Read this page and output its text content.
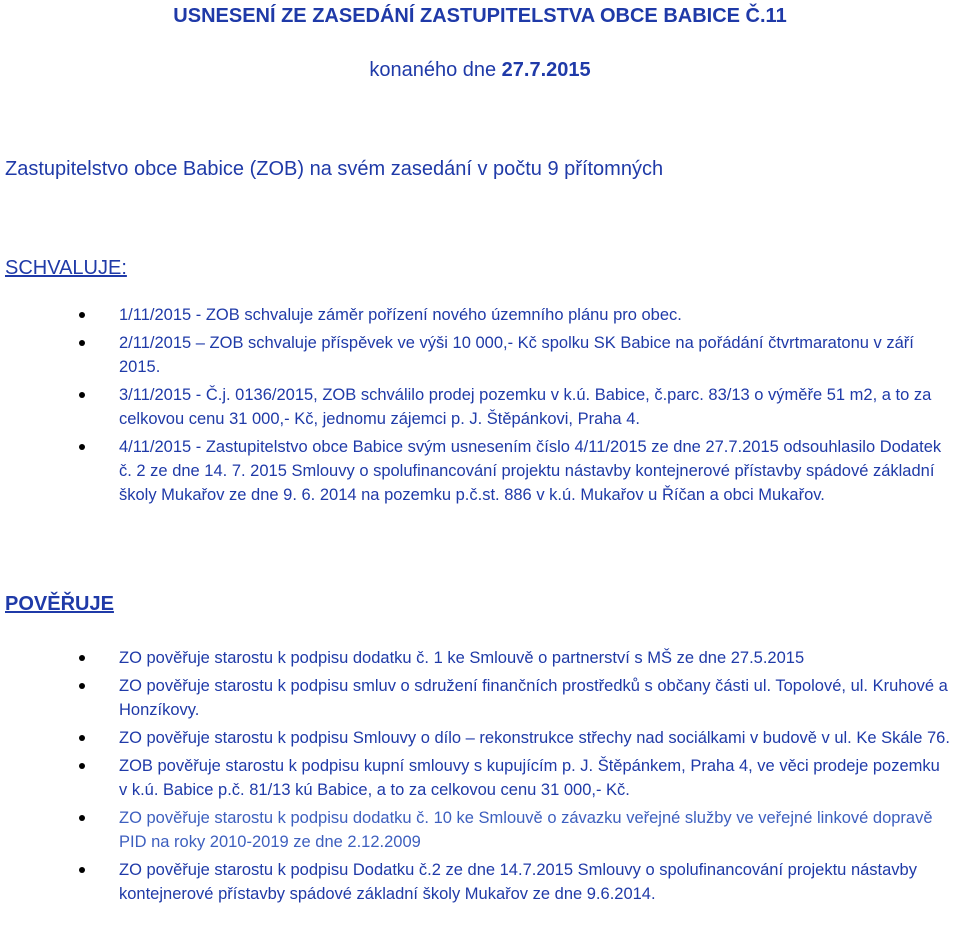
USNESENÍ ZE ZASEDÁNÍ ZASTUPITELSTVA OBCE BABICE Č.11
konaného dne 27.7.2015
Zastupitelstvo obce Babice (ZOB) na svém zasedání v počtu 9 přítomných
SCHVALUJE:
1/11/2015 - ZOB schvaluje záměr pořízení nového územního plánu pro obec.
2/11/2015 – ZOB schvaluje příspěvek ve výši 10 000,- Kč spolku SK Babice na pořádání čtvrtmaratonu v září 2015.
3/11/2015 - Č.j. 0136/2015, ZOB schválilo prodej pozemku v k.ú. Babice, č.parc. 83/13 o výměře 51 m2, a to za celkovou cenu 31 000,- Kč, jednomu zájemci p. J. Štěpánkovi, Praha 4.
4/11/2015 - Zastupitelstvo obce Babice svým usnesením číslo 4/11/2015 ze dne 27.7.2015 odsouhlasilo Dodatek č. 2 ze dne 14. 7. 2015 Smlouvy o spolufinancování projektu nástavby kontejnerové přístavby spádové základní školy Mukařov ze dne 9. 6. 2014 na pozemku p.č.st. 886 v k.ú. Mukařov u Říčan a obci Mukařov.
POVĚŘUJE
ZO pověřuje starostu k podpisu dodatku č. 1 ke Smlouvě o partnerství s MŠ ze dne 27.5.2015
ZO pověřuje starostu k podpisu smluv o sdružení finančních prostředků s občany části ul. Topolové, ul. Kruhové a Honzíkovy.
ZO pověřuje starostu k podpisu Smlouvy o dílo – rekonstrukce střechy nad sociálkami v budově v ul. Ke Skále 76.
ZOB pověřuje starostu k podpisu kupní smlouvy s kupujícím p. J. Štěpánkem, Praha 4, ve věci prodeje pozemku v k.ú. Babice p.č. 81/13 kú Babice, a to za celkovou cenu 31 000,- Kč.
ZO pověřuje starostu k podpisu dodatku č. 10 ke Smlouvě o závazku veřejné služby ve veřejné linkové dopravě PID na roky 2010-2019 ze dne 2.12.2009
ZO pověřuje starostu k podpisu Dodatku č.2 ze dne 14.7.2015 Smlouvy o spolufinancování projektu nástavby kontejnerové přístavby spádové základní školy Mukařov ze dne 9.6.2014.
